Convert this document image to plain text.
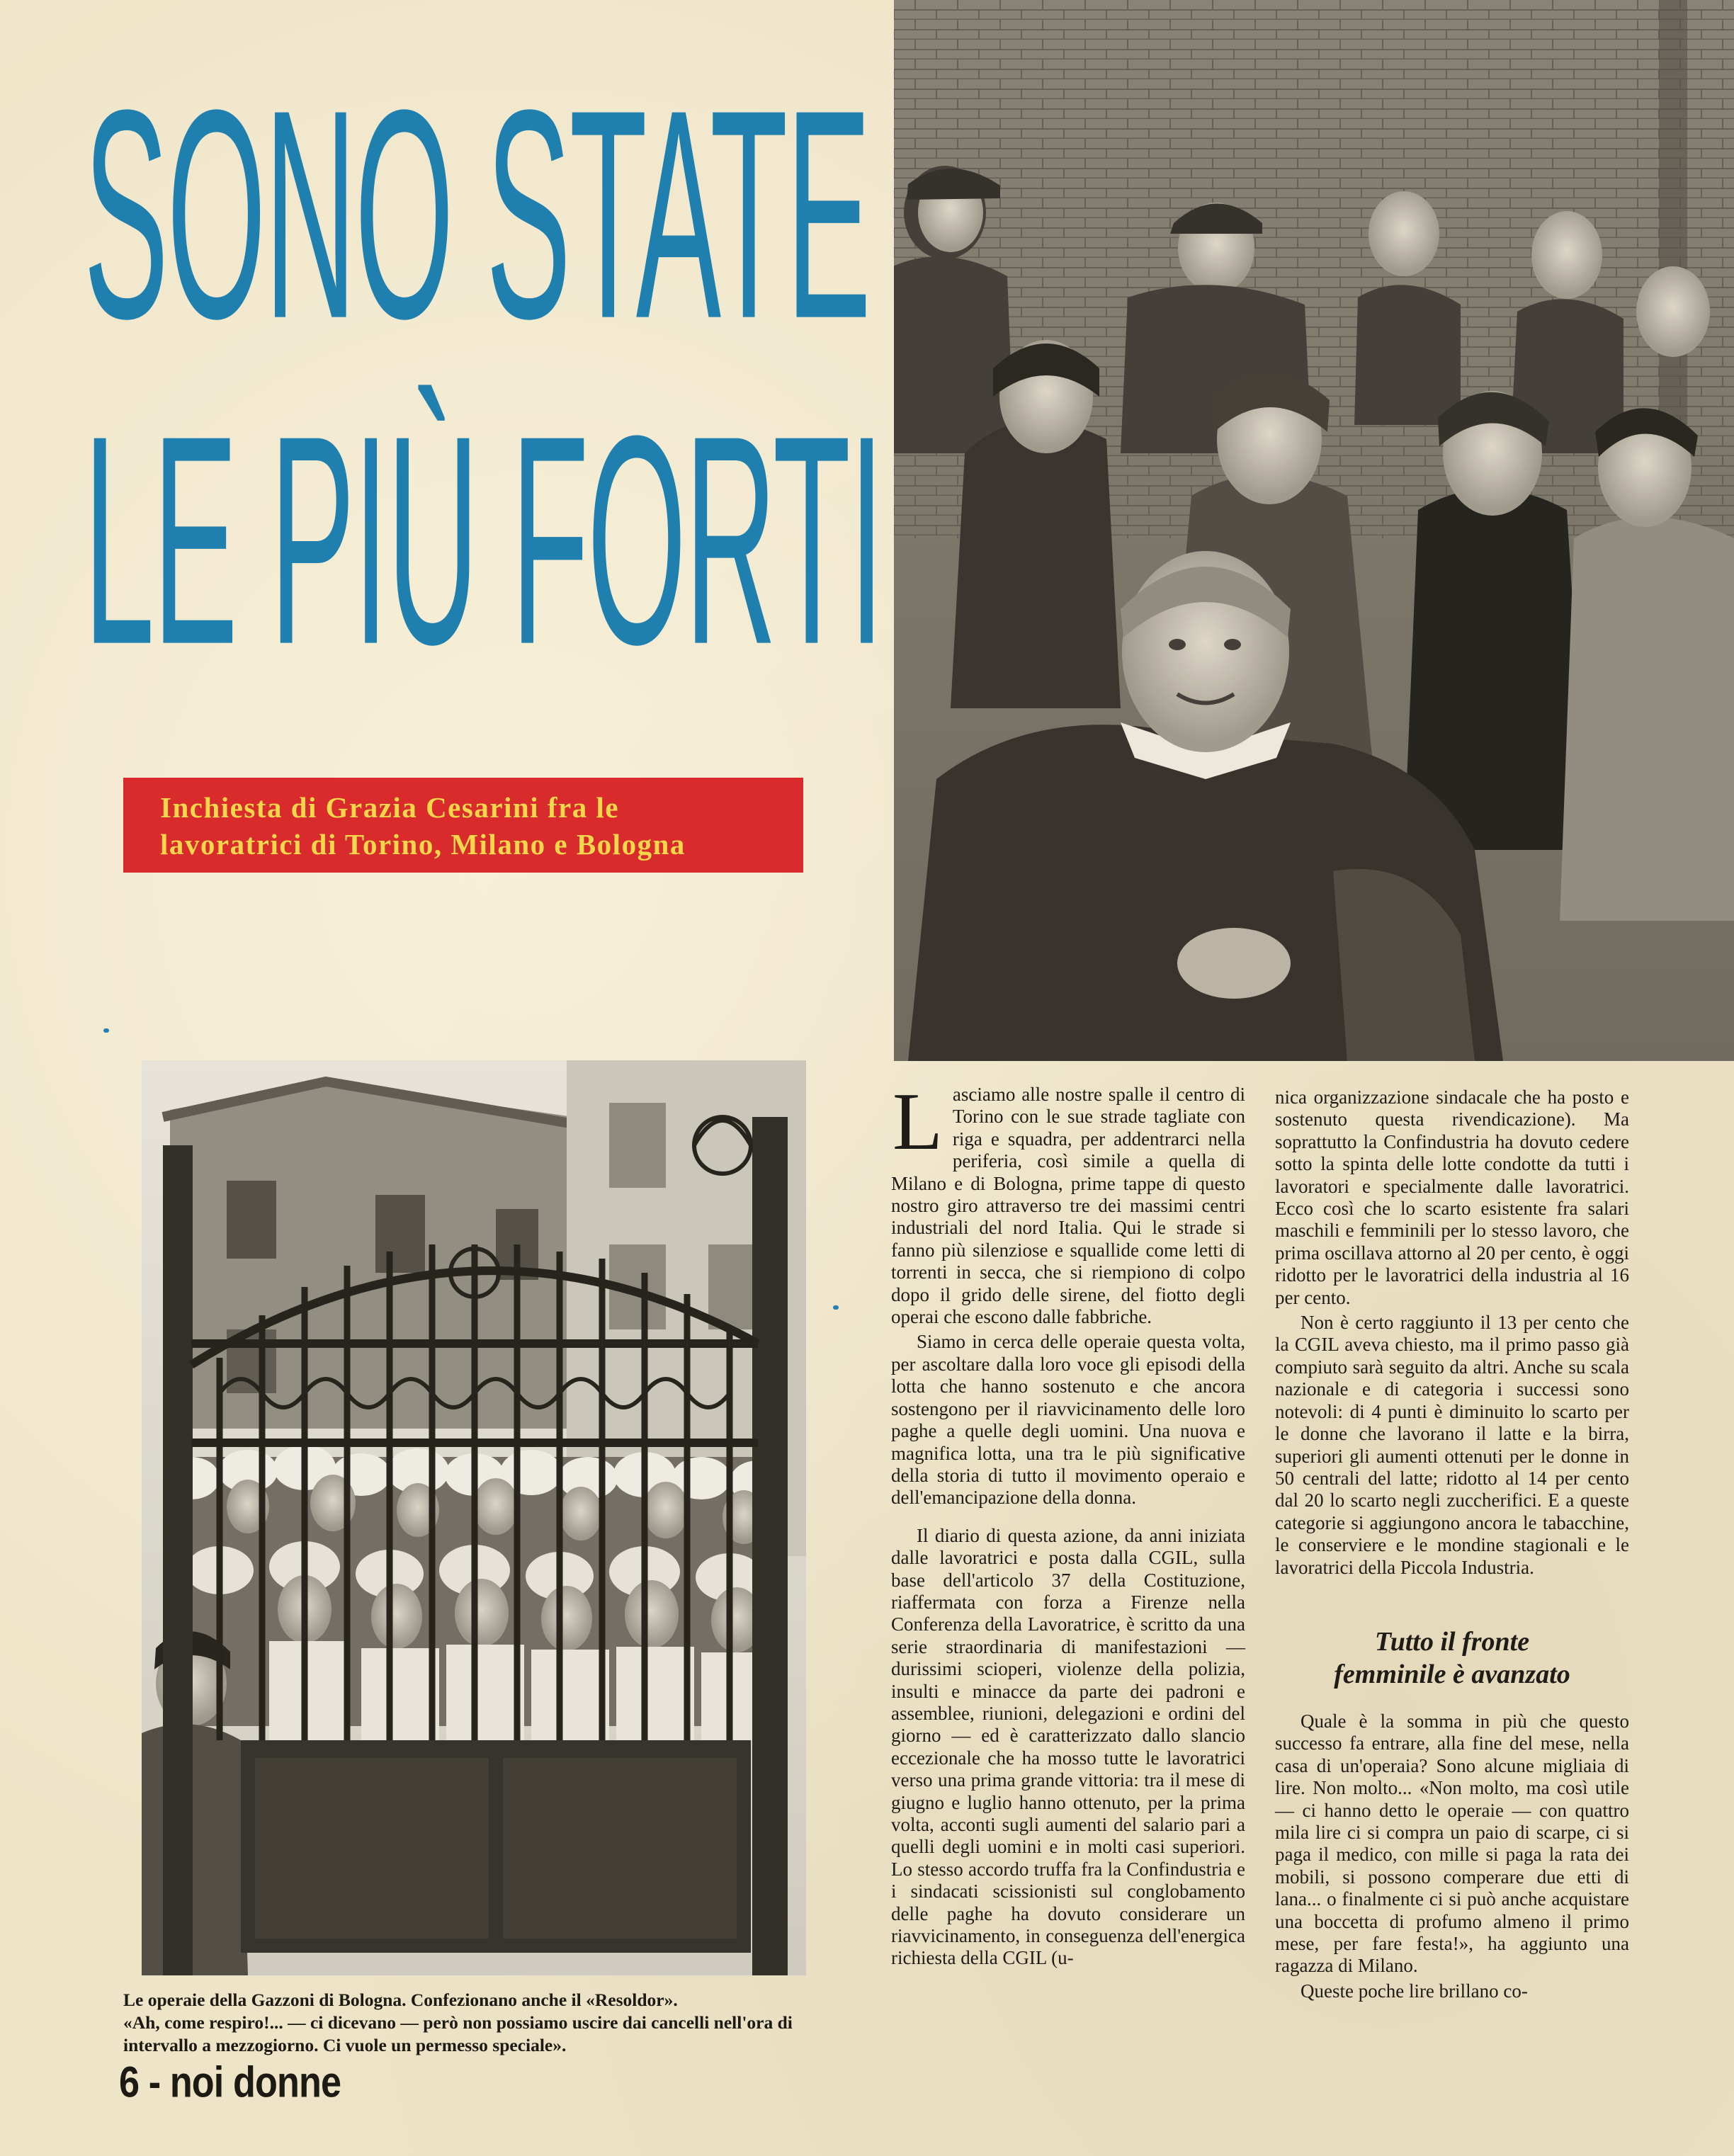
SONO STATE
LE PIÙ FORTI
Inchiesta di Grazia Cesarini fra le lavoratrici di Torino, Milano e Bologna

Le operaie della Gazzoni di Bologna. Confezionano anche il «Resoldor».

«Ah, come respiro!... — ci dicevano — però non possiamo uscire dai cancelli nell'ora di intervallo a mezzogiorno. Ci vuole un permesso speciale».

6 - noi donne

Lasciamo alle nostre spalle il centro di Torino con le sue strade tagliate con riga e squadra, per addentrarci nella periferia, così simile a quella di Milano e di Bologna, prime tappe di questo nostro giro attraverso tre dei massimi centri industriali del nord Italia. Qui le strade si fanno più silenziose e squallide come letti di torrenti in secca, che si riempiono di colpo dopo il grido delle sirene, del fiotto degli operai che escono dalle fabbriche.

Siamo in cerca delle operaie questa volta, per ascoltare dalla loro voce gli episodi della lotta che hanno sostenuto e che ancora sostengono per il riavvicinamento delle loro paghe a quelle degli uomini. Una nuova e magnifica lotta, una tra le più significative della storia di tutto il movimento operaio e dell'emancipazione della donna.

Il diario di questa azione, da anni iniziata dalle lavoratrici e posta dalla CGIL, sulla base dell'articolo 37 della Costituzione, riaffermata con forza a Firenze nella Conferenza della Lavoratrice, è scritto da una serie straordinaria di manifestazioni — durissimi scioperi, violenze della polizia, insulti e minacce da parte dei padroni e assemblee, riunioni, delegazioni e ordini del giorno — ed è caratterizzato dallo slancio eccezionale che ha mosso tutte le lavoratrici verso una prima grande vittoria: tra il mese di giugno e luglio hanno ottenuto, per la prima volta, acconti sugli aumenti del salario pari a quelli degli uomini e in molti casi superiori. Lo stesso accordo truffa fra la Confindustria e i sindacati scissionisti sul conglobamento delle paghe ha dovuto considerare un riavvicinamento, in conseguenza dell'energica richiesta della CGIL (u-

nica organizzazione sindacale che ha posto e sostenuto questa rivendicazione). Ma soprattutto la Confindustria ha dovuto cedere sotto la spinta delle lotte condotte da tutti i lavoratori e specialmente dalle lavoratrici. Ecco così che lo scarto esistente fra salari maschili e femminili per lo stesso lavoro, che prima oscillava attorno al 20 per cento, è oggi ridotto per le lavoratrici della industria al 16 per cento.

Non è certo raggiunto il 13 per cento che la CGIL aveva chiesto, ma il primo passo già compiuto sarà seguito da altri. Anche su scala nazionale e di categoria i successi sono notevoli: di 4 punti è diminuito lo scarto per le donne che lavorano il latte e la birra, superiori gli aumenti ottenuti per le donne in 50 centrali del latte; ridotto al 14 per cento dal 20 lo scarto negli zuccherifici. E a queste categorie si aggiungono ancora le tabacchine, le conserviere e le mondine stagionali e le lavoratrici della Piccola Industria.

Tutto il fronte
femminile è avanzato

Quale è la somma in più che questo successo fa entrare, alla fine del mese, nella casa di un'operaia? Sono alcune migliaia di lire. Non molto... «Non molto, ma così utile — ci hanno detto le operaie — con quattro mila lire ci si compra un paio di scarpe, ci si paga il medico, con mille si paga la rata dei mobili, si possono comperare due etti di lana... o finalmente ci si può anche acquistare una boccetta di profumo almeno il primo mese, per fare festa!», ha aggiunto una ragazza di Milano.

Queste poche lire brillano co-
